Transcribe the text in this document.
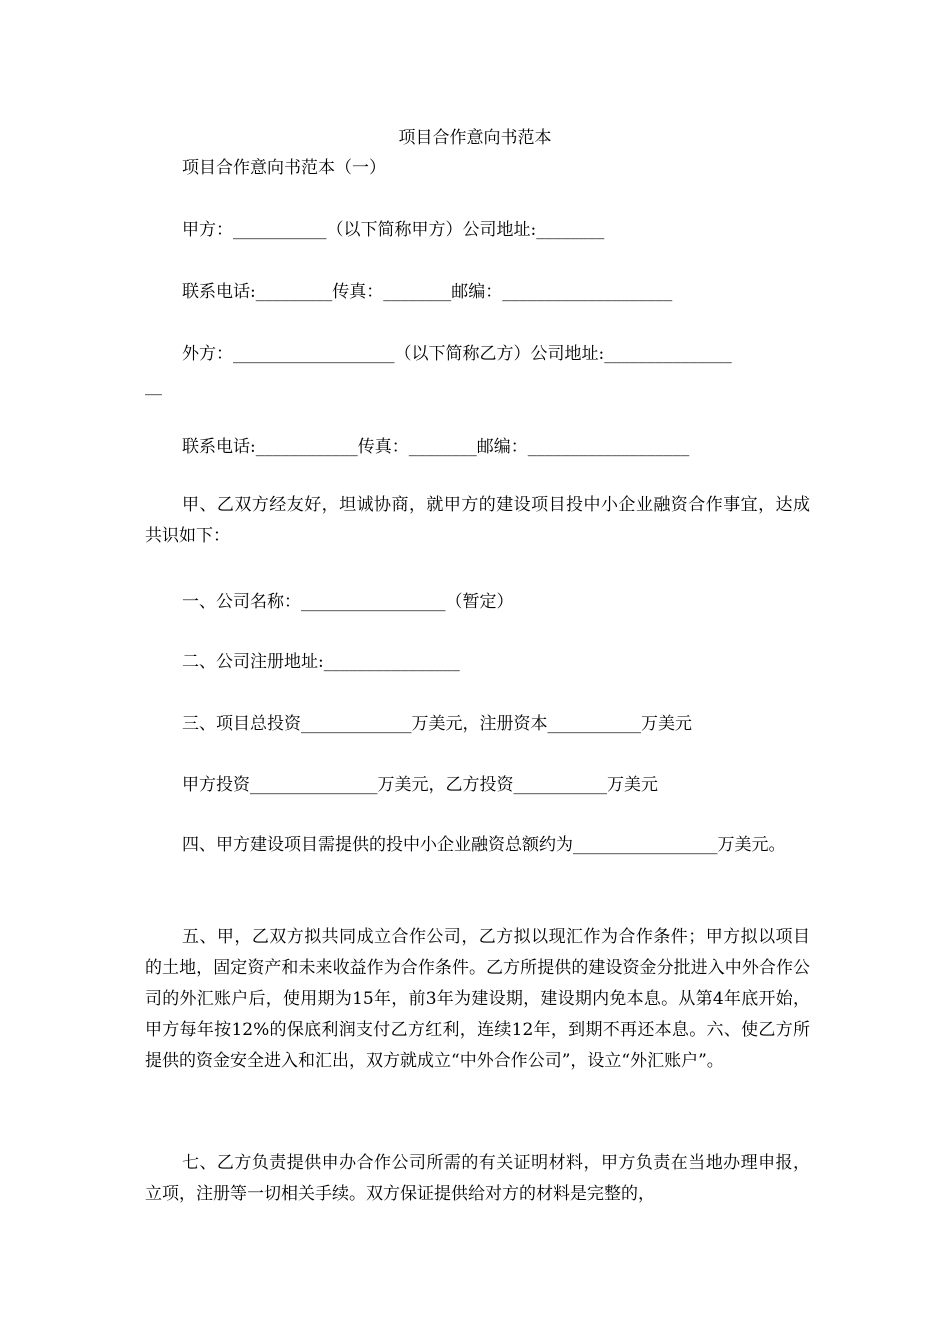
项目合作意向书范本
项目合作意向书范本（一）
甲方：___________（以下简称甲方）公司地址:________
联系电话:_________传真：________邮编：____________________
外方：___________________（以下简称乙方）公司地址:_______________
__
联系电话:____________传真：________邮编：___________________

甲、乙双方经友好，坦诚协商，就甲方的建设项目投中小企业融资合作事宜，达成共识如下：

一、公司名称：_________________（暂定）
二、公司注册地址:________________
三、项目总投资_____________万美元，注册资本___________万美元
甲方投资_______________万美元，乙方投资___________万美元

四、甲方建设项目需提供的投中小企业融资总额约为_________________万美元。

五、甲，乙双方拟共同成立合作公司，乙方拟以现汇作为合作条件；甲方拟以项目的土地，固定资产和未来收益作为合作条件。乙方所提供的建设资金分批进入中外合作公司的外汇账户后，使用期为15年，前3年为建设期，建设期内免本息。从第4年底开始，甲方每年按12%的保底利润支付乙方红利，连续12年，到期不再还本息。六、使乙方所提供的资金安全进入和汇出，双方就成立“中外合作公司”，设立“外汇账户”。

七、乙方负责提供申办合作公司所需的有关证明材料，甲方负责在当地办理申报，立项，注册等一切相关手续。双方保证提供给对方的材料是完整的，
